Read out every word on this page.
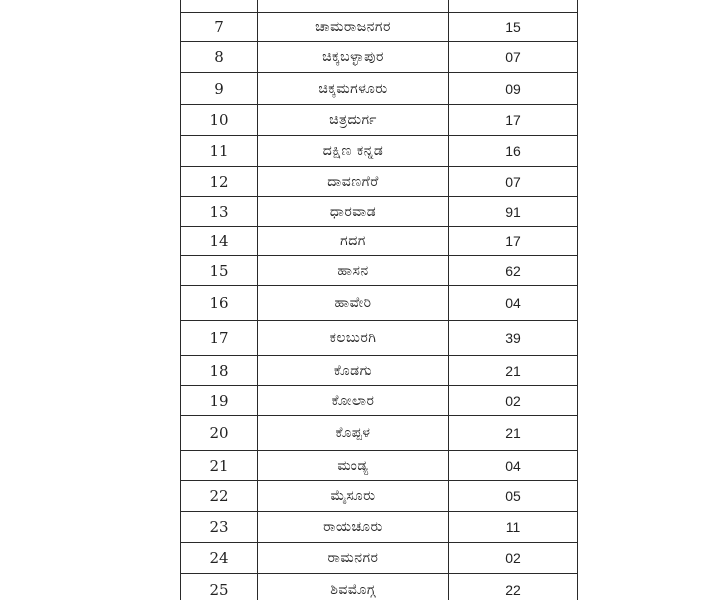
7	ಚಾಮರಾಜನಗರ	15
8	ಚಿಕ್ಕಬಳ್ಳಾಪುರ	07
9	ಚಿಕ್ಕಮಗಳೂರು	09
10	ಚಿತ್ರದುರ್ಗ	17
11	ದಕ್ಷಿಣ ಕನ್ನಡ	16
12	ದಾವಣಗೆರೆ	07
13	ಧಾರವಾಡ	91
14	ಗದಗ	17
15	ಹಾಸನ	62
16	ಹಾವೇರಿ	04
17	ಕಲಬುರಗಿ	39
18	ಕೊಡಗು	21
19	ಕೋಲಾರ	02
20	ಕೊಪ್ಪಳ	21
21	ಮಂಡ್ಯ	04
22	ಮೈಸೂರು	05
23	ರಾಯಚೂರು	11
24	ರಾಮನಗರ	02
25	ಶಿವಮೊಗ್ಗ	22
